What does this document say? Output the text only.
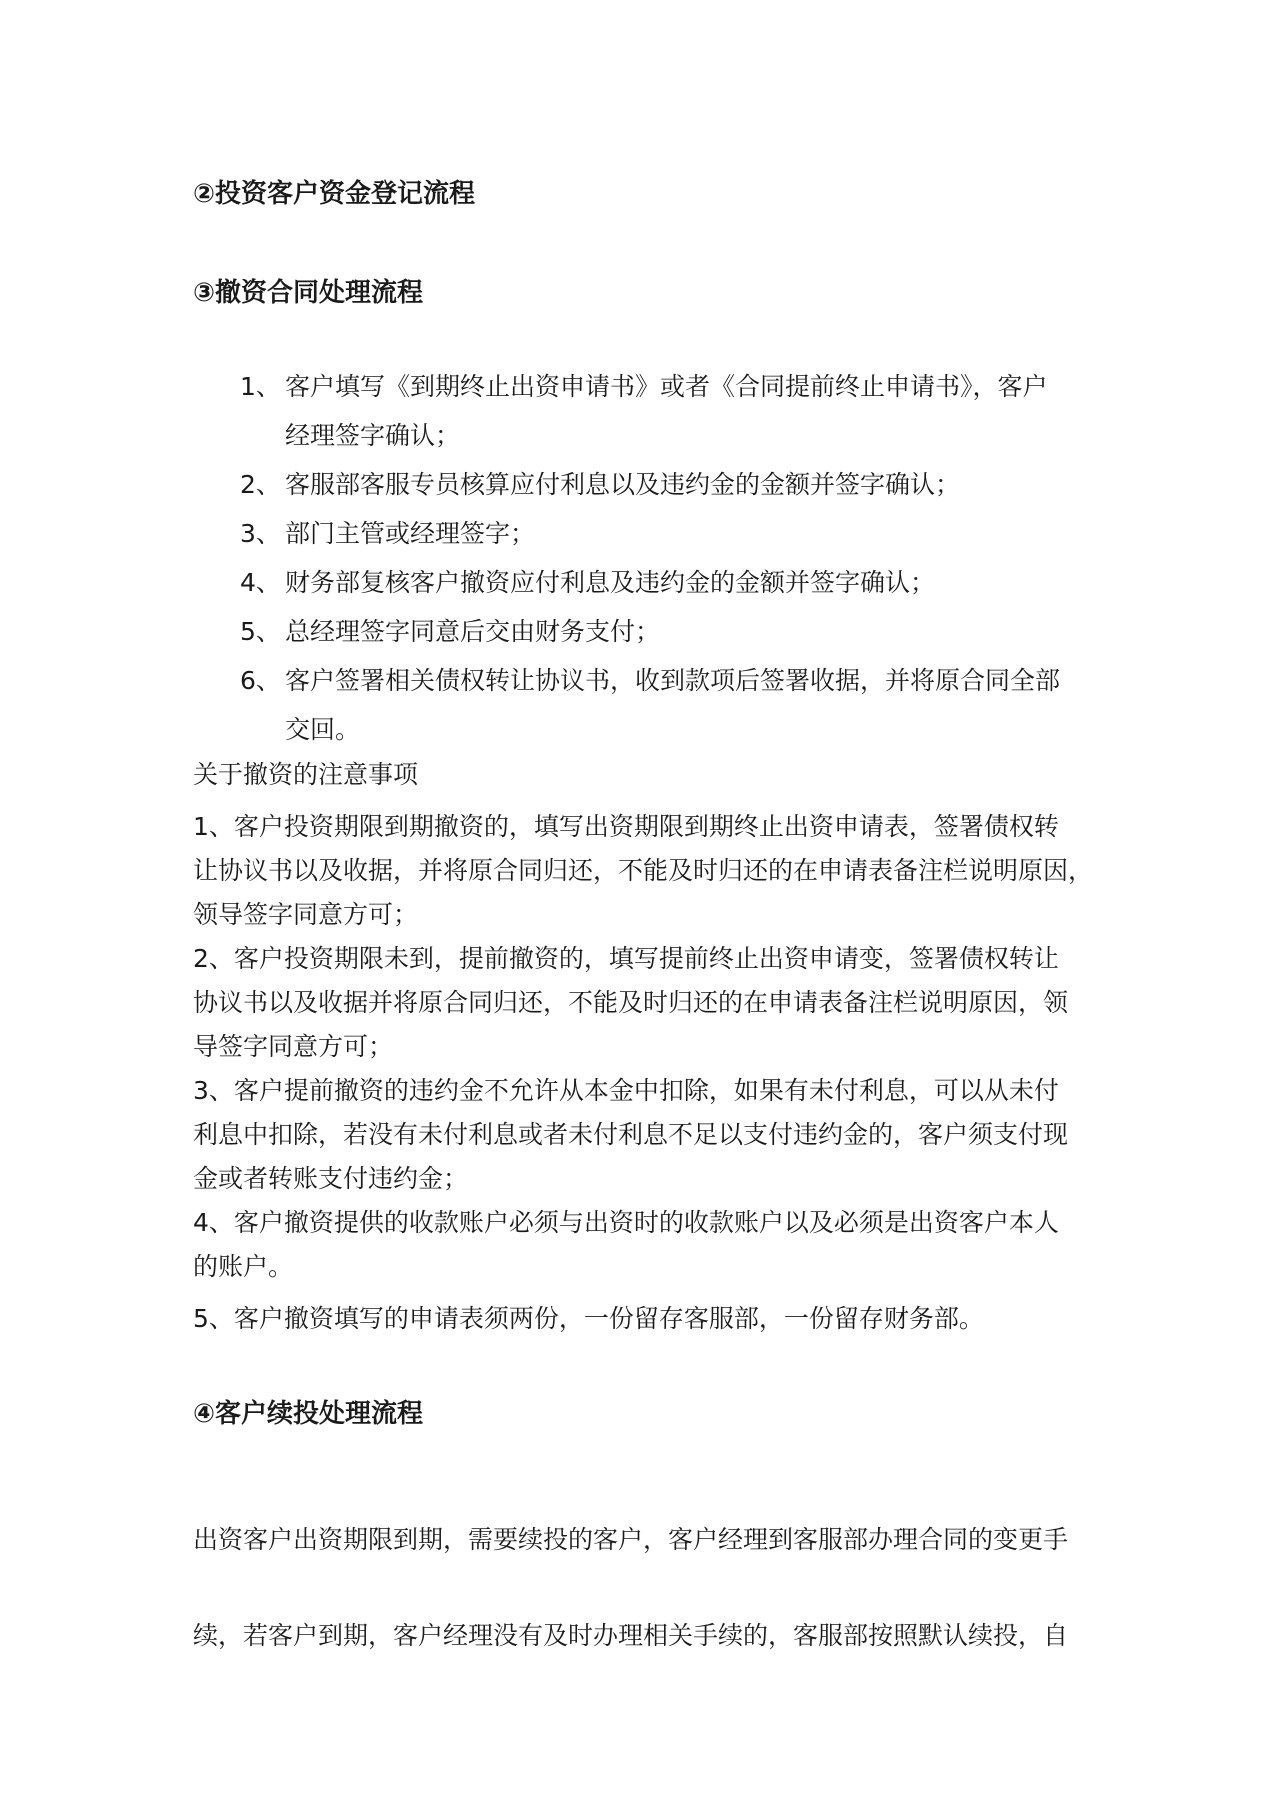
②投资客户资金登记流程
③撤资合同处理流程
1、 客户填写《到期终止出资申请书》或者《合同提前终止申请书》，客户
经理签字确认；
2、 客服部客服专员核算应付利息以及违约金的金额并签字确认；
3、 部门主管或经理签字；
4、 财务部复核客户撤资应付利息及违约金的金额并签字确认；
5、 总经理签字同意后交由财务支付；
6、 客户签署相关债权转让协议书，收到款项后签署收据，并将原合同全部
交回。

关于撤资的注意事项

1、客户投资期限到期撤资的，填写出资期限到期终止出资申请表，签署债权转
让协议书以及收据，并将原合同归还，不能及时归还的在申请表备注栏说明原因，
领导签字同意方可；
2、客户投资期限未到，提前撤资的，填写提前终止出资申请变，签署债权转让
协议书以及收据并将原合同归还，不能及时归还的在申请表备注栏说明原因，领
导签字同意方可；
3、客户提前撤资的违约金不允许从本金中扣除，如果有未付利息，可以从未付
利息中扣除，若没有未付利息或者未付利息不足以支付违约金的，客户须支付现
金或者转账支付违约金；
4、客户撤资提供的收款账户必须与出资时的收款账户以及必须是出资客户本人
的账户。
5、客户撤资填写的申请表须两份，一份留存客服部，一份留存财务部。
④客户续投处理流程
出资客户出资期限到期，需要续投的客户，客户经理到客服部办理合同的变更手
续，若客户到期，客户经理没有及时办理相关手续的，客服部按照默认续投，自
